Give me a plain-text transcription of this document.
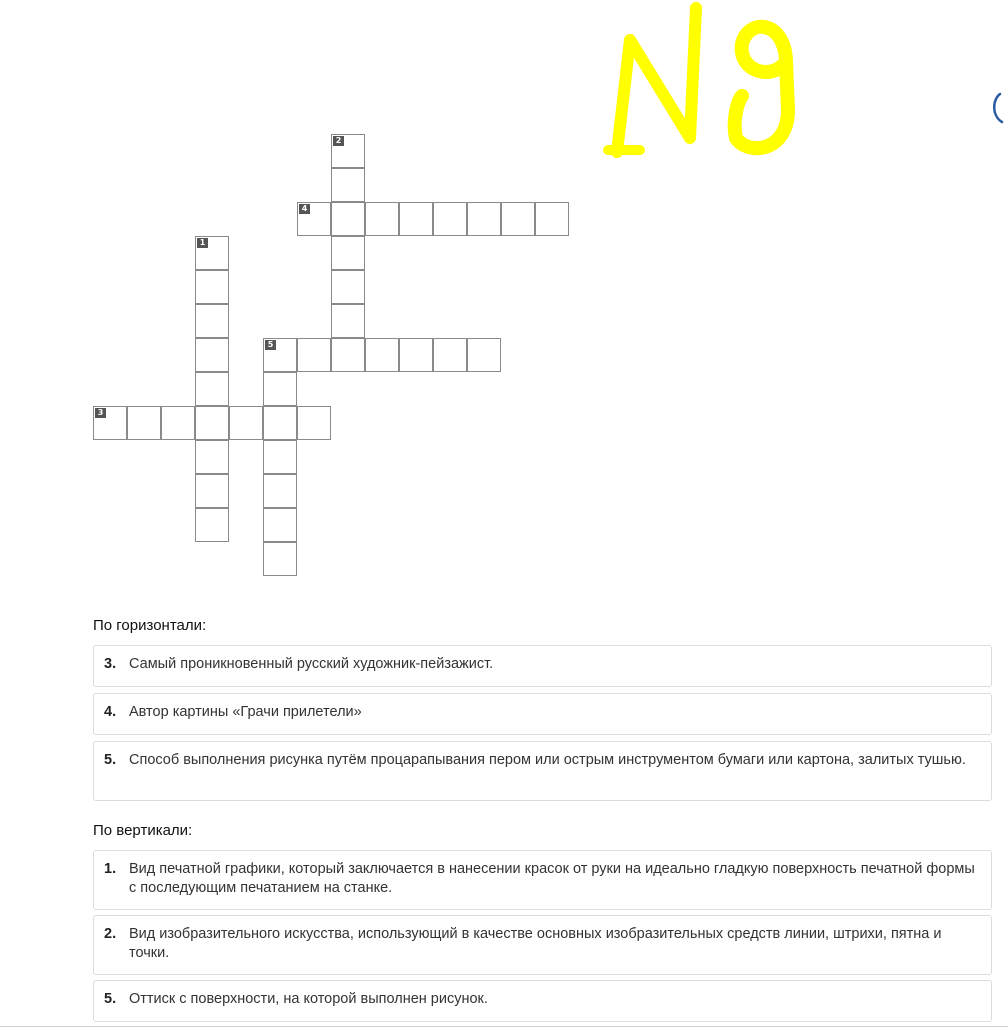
1
2
3
4
5
По горизонтали:
3. Самый проникновенный русский художник-пейзажист.
4. Автор картины «Грачи прилетели»
5. Способ выполнения рисунка путём процарапывания пером или острым инструментом бумаги или картона, залитых тушью.
По вертикали:
1. Вид печатной графики, который заключается в нанесении красок от руки на идеально гладкую поверхность печатной формы с последующим печатанием на станке.
2. Вид изобразительного искусства, использующий в качестве основных изобразительных средств линии, штрихи, пятна и точки.
5. Оттиск с поверхности, на которой выполнен рисунок.
